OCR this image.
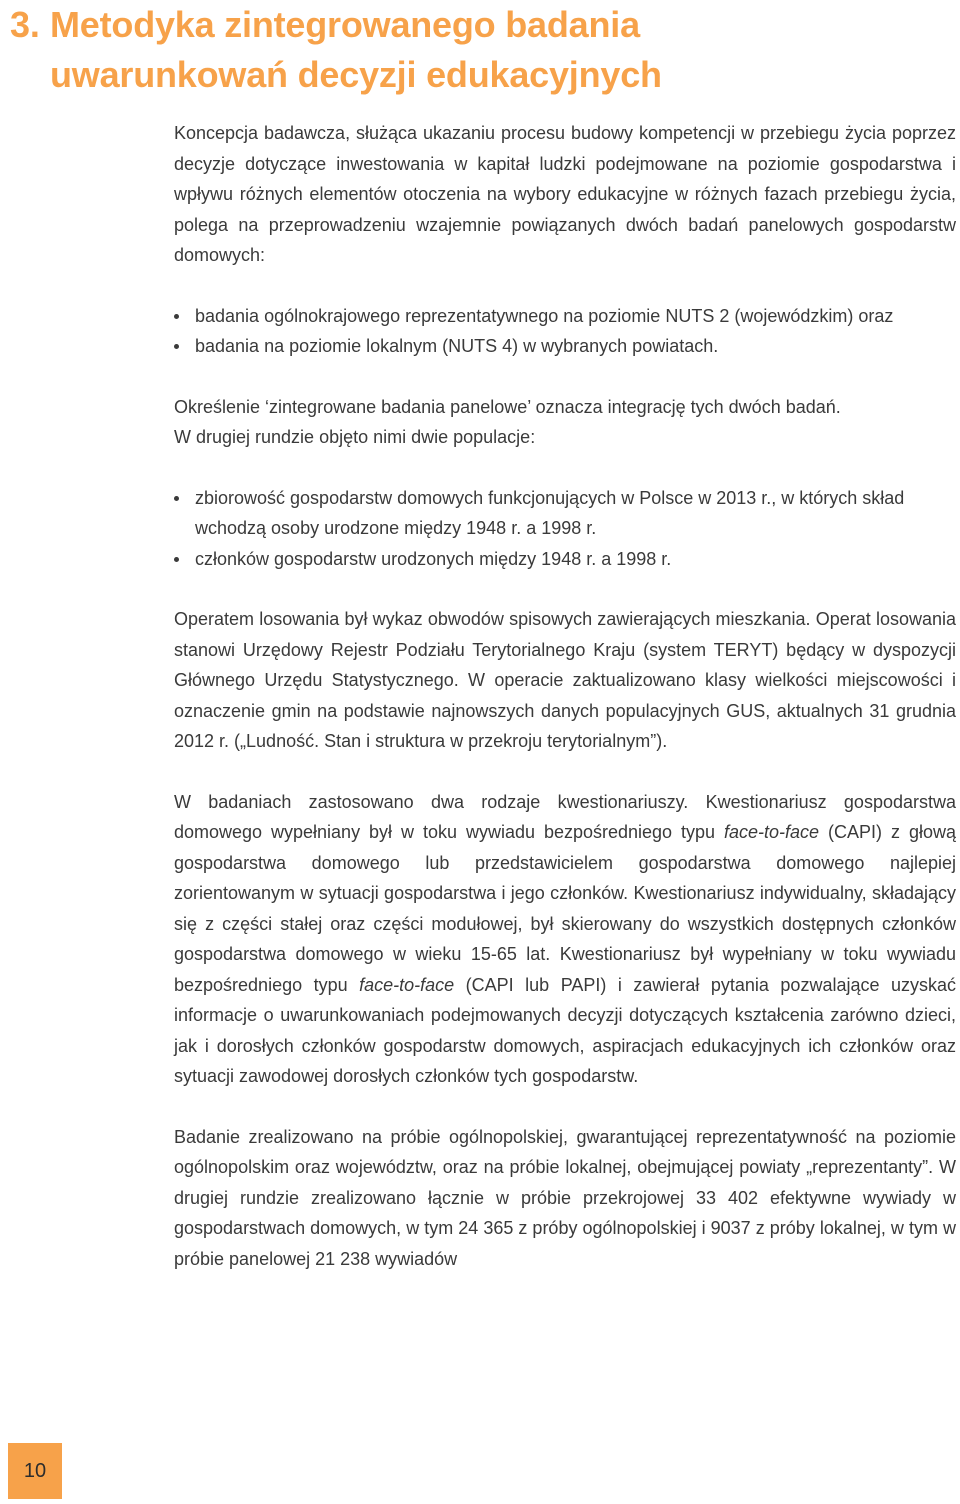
3. Metodyka zintegrowanego badania
uwarunkowań decyzji edukacyjnych

Koncepcja badawcza, służąca ukazaniu procesu budowy kompetencji w przebiegu życia poprzez decyzje dotyczące inwestowania w kapitał ludzki podejmowane na poziomie gospodarstwa i wpływu różnych elementów otoczenia na wybory edukacyjne w różnych fazach przebiegu życia, polega na przeprowadzeniu wzajemnie powiązanych dwóch badań panelowych gospodarstw domowych:

badania ogólnokrajowego reprezentatywnego na poziomie NUTS 2 (wojewódzkim) oraz
badania na poziomie lokalnym (NUTS 4) w wybranych powiatach.

Określenie ‘zintegrowane badania panelowe’ oznacza integrację tych dwóch badań.
W drugiej rundzie objęto nimi dwie populacje:

zbiorowość gospodarstw domowych funkcjonujących w Polsce w 2013 r., w których skład wchodzą osoby urodzone między 1948 r. a 1998 r.
członków gospodarstw urodzonych między 1948 r. a 1998 r.

Operatem losowania był wykaz obwodów spisowych zawierających mieszkania. Operat losowania stanowi Urzędowy Rejestr Podziału Terytorialnego Kraju (system TERYT) będący w dyspozycji Głównego Urzędu Statystycznego. W operacie zaktualizowano klasy wielkości miejscowości i oznaczenie gmin na podstawie najnowszych danych populacyjnych GUS, aktualnych 31 grudnia 2012 r. („Ludność. Stan i struktura w przekroju terytorialnym”).

W badaniach zastosowano dwa rodzaje kwestionariuszy. Kwestionariusz gospodarstwa domowego wypełniany był w toku wywiadu bezpośredniego typu face-to-face (CAPI) z głową gospodarstwa domowego lub przedstawicielem gospodarstwa domowego najlepiej zorientowanym w sytuacji gospodarstwa i jego członków. Kwestionariusz indywidualny, składający się z części stałej oraz części modułowej, był skierowany do wszystkich dostępnych członków gospodarstwa domowego w wieku 15-65 lat. Kwestionariusz był wypełniany w toku wywiadu bezpośredniego typu face-to-face (CAPI lub PAPI) i zawierał pytania pozwalające uzyskać informacje o uwarunkowaniach podejmowanych decyzji dotyczących kształcenia zarówno dzieci, jak i dorosłych członków gospodarstw domowych, aspiracjach edukacyjnych ich członków oraz sytuacji zawodowej dorosłych członków tych gospodarstw.

Badanie zrealizowano na próbie ogólnopolskiej, gwarantującej reprezentatywność na poziomie ogólnopolskim oraz województw, oraz na próbie lokalnej, obejmującej powiaty „reprezentanty”. W drugiej rundzie zrealizowano łącznie w próbie przekrojowej 33 402 efektywne wywiady w gospodarstwach domowych, w tym 24 365 z próby ogólnopolskiej i 9037 z próby lokalnej, w tym w próbie panelowej 21 238 wywiadów

10
